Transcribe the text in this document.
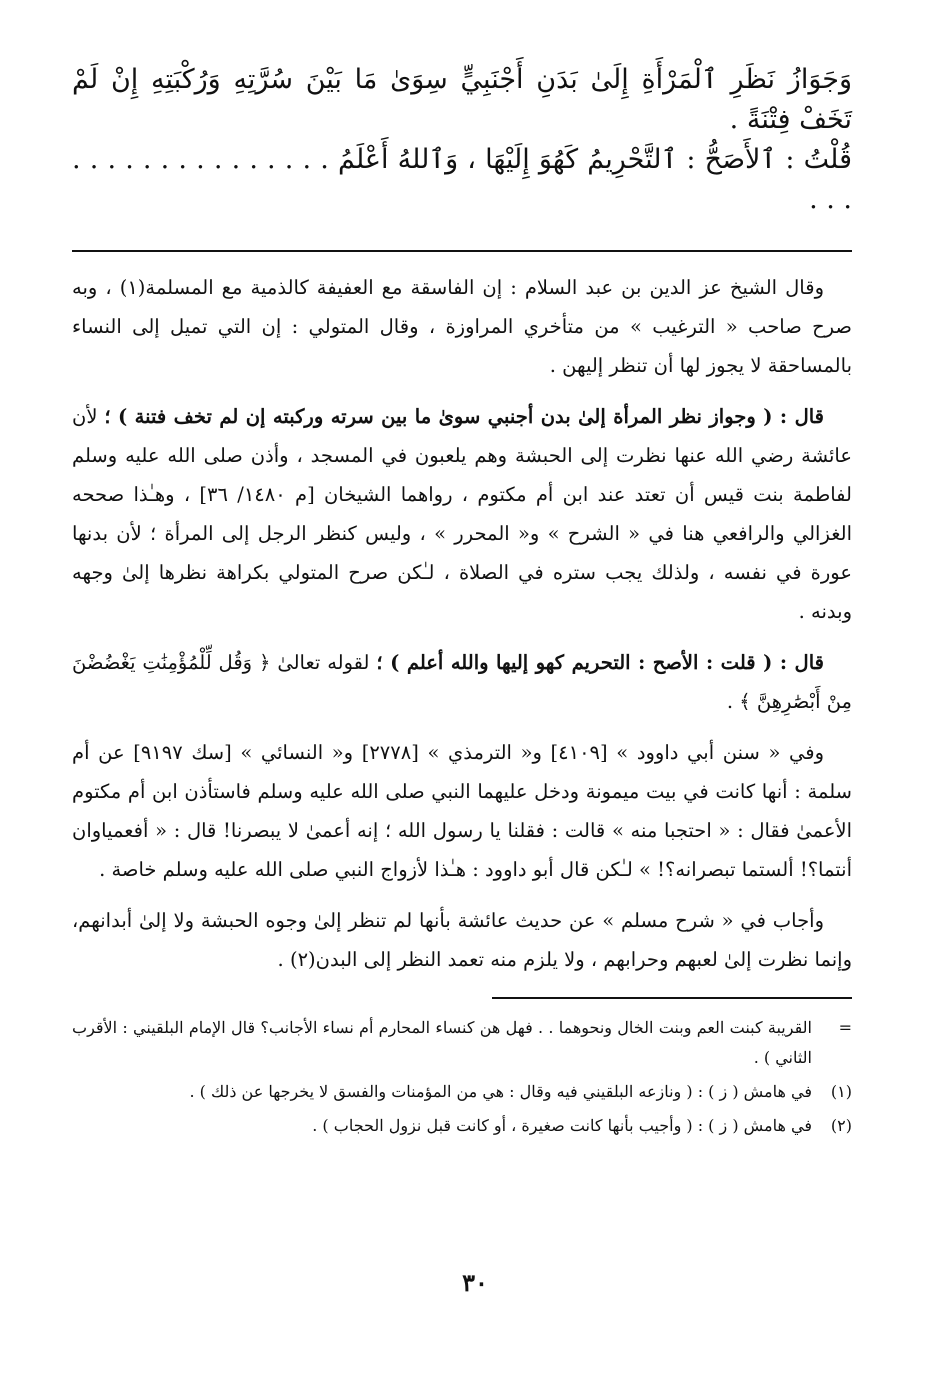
وَجَوَازُ نَظَرِ ٱلْمَرْأَةِ إِلَىٰ بَدَنِ أَجْنَبِيٍّ سِوَىٰ مَا بَيْنَ سُرَّتِهِ وَرُكْبَتِهِ إِنْ لَمْ تَخَفْ فِتْنَةً .

قُلْتُ : ٱلأَصَحُّ : ٱلتَّحْرِيمُ كَهُوَ إِلَيْهَا ، وَٱللهُ أَعْلَمُ . . . . . . . . . . . . . . . . . .

وقال الشيخ عز الدين بن عبد السلام : إن الفاسقة مع العفيفة كالذمية مع المسلمة(١) ، وبه صرح صاحب « الترغيب » من متأخري المراوزة ، وقال المتولي : إن التي تميل إلى النساء بالمساحقة لا يجوز لها أن تنظر إليهن .

قال : ( وجواز نظر المرأة إلىٰ بدن أجنبي سوىٰ ما بين سرته وركبته إن لم تخف فتنة ) ؛ لأن عائشة رضي الله عنها نظرت إلى الحبشة وهم يلعبون في المسجد ، وأذن صلى الله عليه وسلم لفاطمة بنت قيس أن تعتد عند ابن أم مكتوم ، رواهما الشيخان [م ١٤٨٠/ ٣٦] ، وهـٰذا صححه الغزالي والرافعي هنا في « الشرح » و« المحرر » ، وليس كنظر الرجل إلى المرأة ؛ لأن بدنها عورة في نفسه ، ولذلك يجب ستره في الصلاة ، لـٰكن صرح المتولي بكراهة نظرها إلىٰ وجهه وبدنه .

قال : ( قلت : الأصح : التحريم كهو إليها والله أعلم ) ؛ لقوله تعالىٰ ﴿ وَقُل لِّلْمُؤْمِنَٰتِ يَغْضُضْنَ مِنْ أَبْصَٰرِهِنَّ ﴾ .

وفي « سنن أبي داوود » [٤١٠٩] و« الترمذي » [٢٧٧٨] و« النسائي » [سك ٩١٩٧] عن أم سلمة : أنها كانت في بيت ميمونة ودخل عليهما النبي صلى الله عليه وسلم فاستأذن ابن أم مكتوم الأعمىٰ فقال : « احتجبا منه » قالت : فقلنا يا رسول الله ؛ إنه أعمىٰ لا يبصرنا! قال : « أفعمياوان أنتما؟! ألستما تبصرانه؟! » لـٰكن قال أبو داوود : هـٰذا لأزواج النبي صلى الله عليه وسلم خاصة .

وأجاب في « شرح مسلم » عن حديث عائشة بأنها لم تنظر إلىٰ وجوه الحبشة ولا إلىٰ أبدانهم، وإنما نظرت إلىٰ لعبهم وحرابهم ، ولا يلزم منه تعمد النظر إلى البدن(٢) .

=
القريبة كبنت العم وبنت الخال ونحوهما . . فهل هن كنساء المحارم أم نساء الأجانب؟ قال الإمام البلقيني : الأقرب الثاني ) .
(١)
في هامش ( ز ) : ( ونازعه البلقيني فيه وقال : هي من المؤمنات والفسق لا يخرجها عن ذلك ) .
(٢)
في هامش ( ز ) : ( وأجيب بأنها كانت صغيرة ، أو كانت قبل نزول الحجاب ) .
٣٠
